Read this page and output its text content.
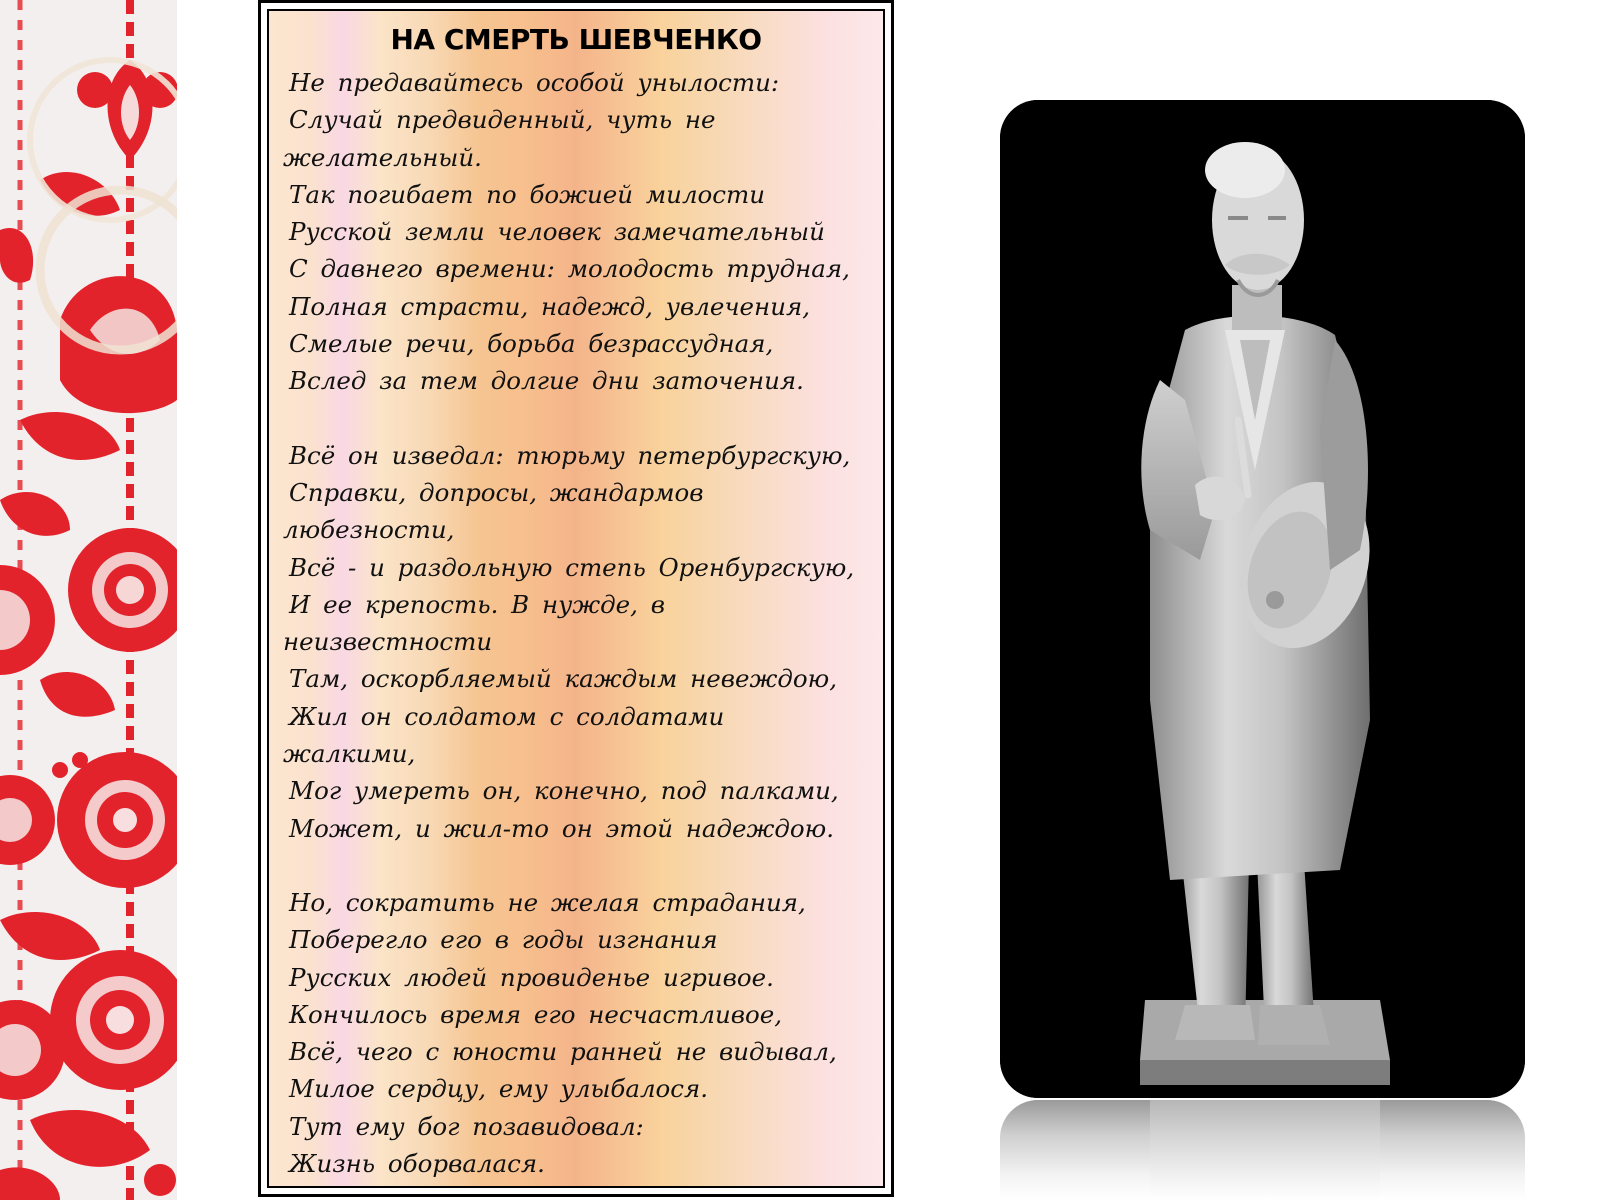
НА СМЕРТЬ ШЕВЧЕНКО
Не предавайтесь особой унылости:
Случай предвиденный, чуть не
желательный.
Так погибает по божией милости
Русской земли человек замечательный
С давнего времени: молодость трудная,
Полная страсти, надежд, увлечения,
Смелые речи, борьба безрассудная,
Вслед за тем долгие дни заточения.
Всё он изведал: тюрьму петербургскую,
Справки, допросы, жандармов
любезности,
Всё - и раздольную степь Оренбургскую,
И ее крепость. В нужде, в
неизвестности
Там, оскорбляемый каждым невеждою,
Жил он солдатом с солдатами
жалкими,
Мог умереть он, конечно, под палками,
Может, и жил-то он этой надеждою.
Но, сократить не желая страдания,
Поберегло его в годы изгнания
Русских людей провиденье игривое.
Кончилось время его несчастливое,
Всё, чего с юности ранней не видывал,
Милое сердцу, ему улыбалося.
Тут ему бог позавидовал:
Жизнь оборвалася.
